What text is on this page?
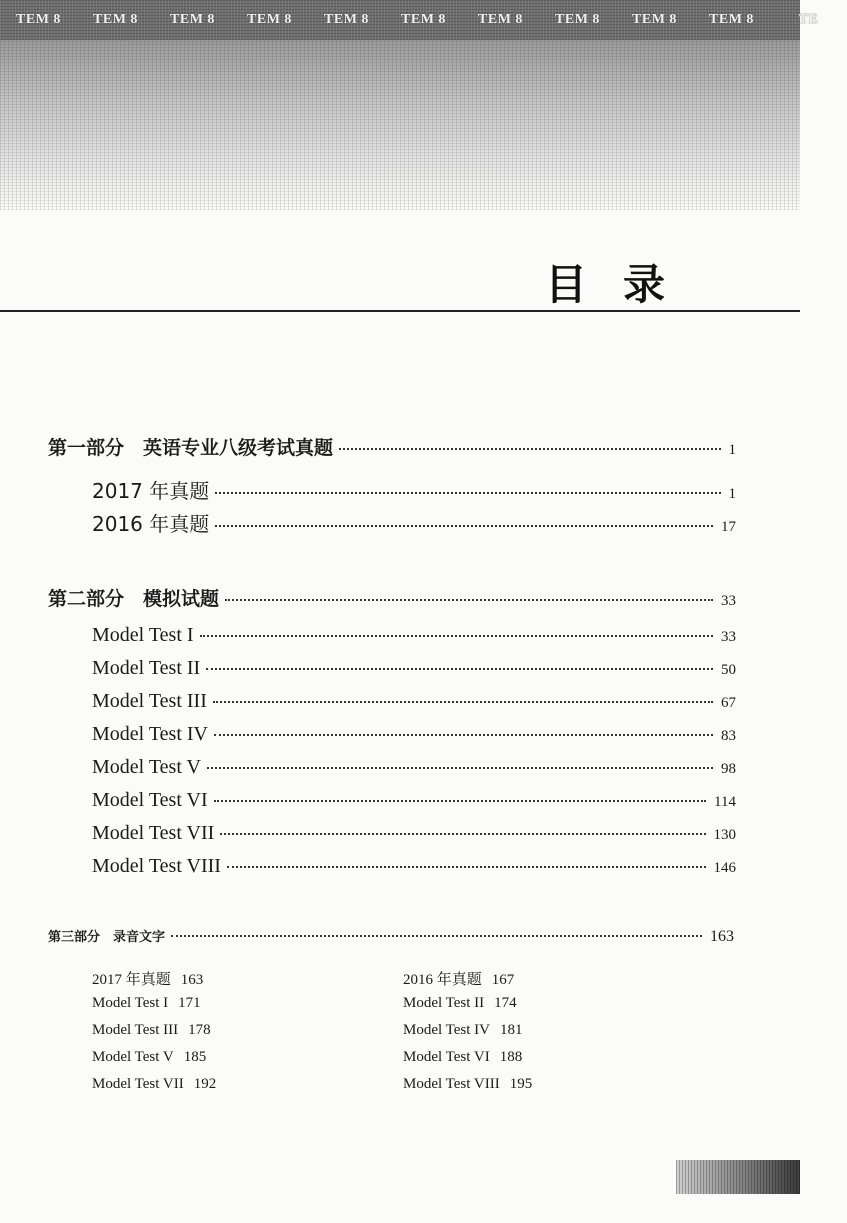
TEM 8	TEM 8	TEM 8	TEM 8	TEM 8	TEM 8	TEM 8	TEM 8	TEM 8	TEM 8	TE
目录
第一部分　英语专业八级考试真题	1
2017 年真题	1
2016 年真题	17
第二部分　模拟试题	33
Model Test I	33
Model Test II	50
Model Test III	67
Model Test IV	83
Model Test V	98
Model Test VI	114
Model Test VII	130
Model Test VIII	146
第三部分　录音文字	163
2017 年真题 163	2016 年真题 167
Model Test I 171	Model Test II 174
Model Test III 178	Model Test IV 181
Model Test V 185	Model Test VI 188
Model Test VII 192	Model Test VIII 195
